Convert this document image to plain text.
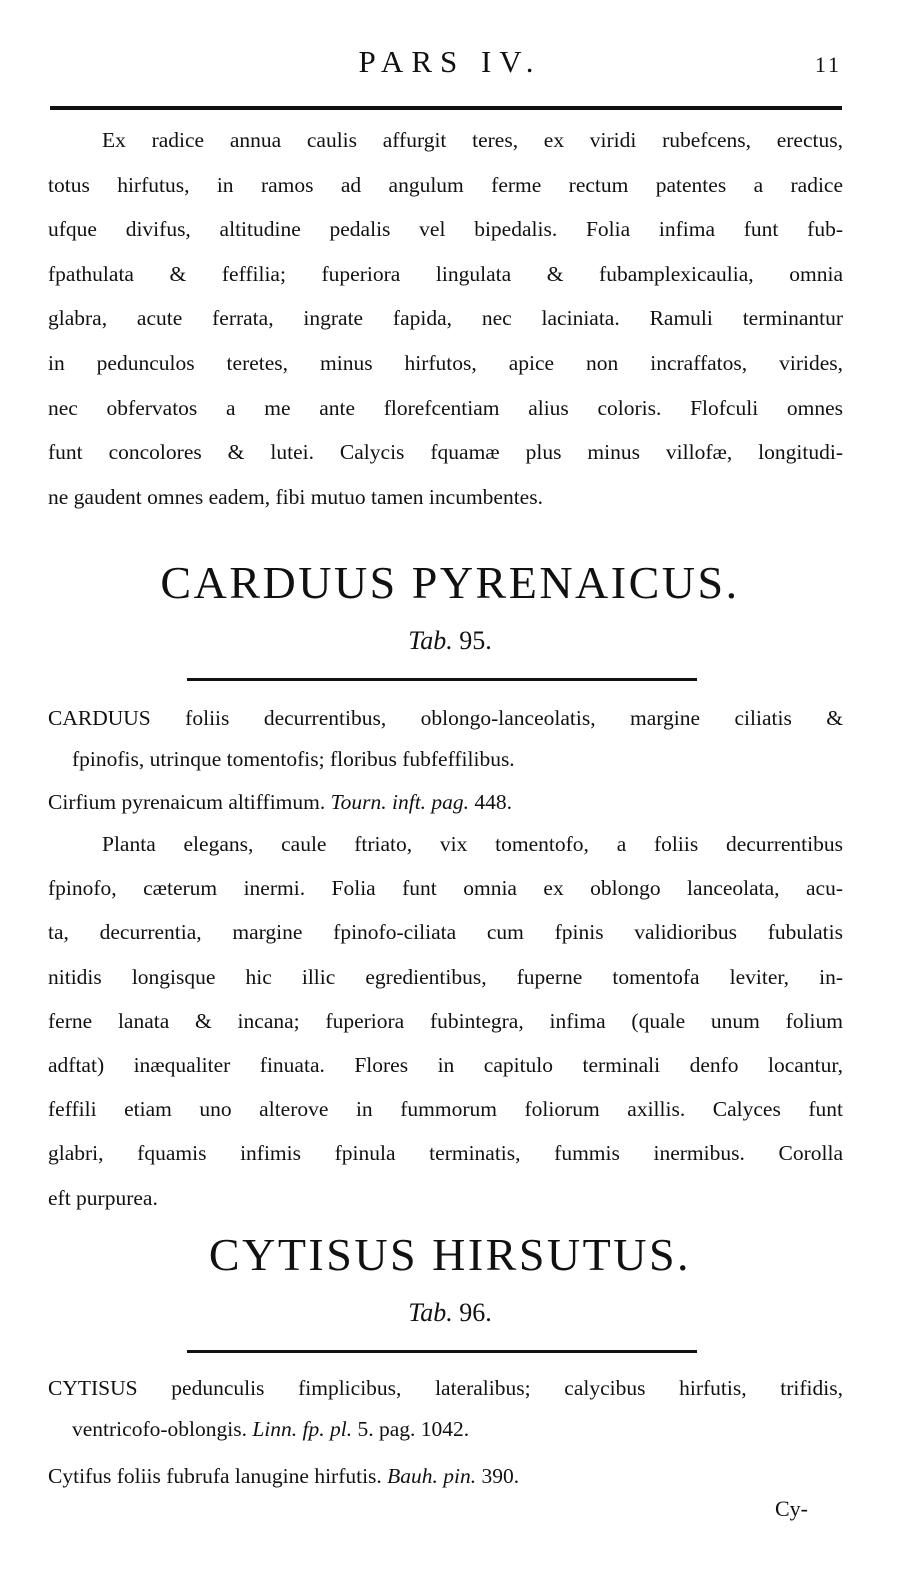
PARS IV.	11
Ex radice annua caulis affurgit teres, ex viridi rubefcens, erectus,
totus hirfutus, in ramos ad angulum ferme rectum patentes a radice
ufque divifus, altitudine pedalis vel bipedalis. Folia infima funt fub-
fpathulata & feffilia; fuperiora lingulata & fubamplexicaulia, omnia
glabra, acute ferrata, ingrate fapida, nec laciniata. Ramuli terminantur
in pedunculos teretes, minus hirfutos, apice non incraffatos, virides,
nec obfervatos a me ante florefcentiam alius coloris. Flofculi omnes
funt concolores & lutei. Calycis fquamæ plus minus villofæ, longitudi-
ne gaudent omnes eadem, fibi mutuo tamen incumbentes.
CARDUUS PYRENAICUS.
Tab. 95.
CARDUUS foliis decurrentibus, oblongo-lanceolatis, margine ciliatis &
fpinofis, utrinque tomentofis; floribus fubfeffilibus.
Cirfium pyrenaicum altiffimum. Tourn. inft. pag. 448.
Planta elegans, caule ftriato, vix tomentofo, a foliis decurrentibus
fpinofo, cæterum inermi. Folia funt omnia ex oblongo lanceolata, acu-
ta, decurrentia, margine fpinofo-ciliata cum fpinis validioribus fubulatis
nitidis longisque hic illic egredientibus, fuperne tomentofa leviter, in-
ferne lanata & incana; fuperiora fubintegra, infima (quale unum folium
adftat) inæqualiter finuata. Flores in capitulo terminali denfo locantur,
feffili etiam uno alterove in fummorum foliorum axillis. Calyces funt
glabri, fquamis infimis fpinula terminatis, fummis inermibus. Corolla
eft purpurea.
CYTISUS HIRSUTUS.
Tab. 96.
CYTISUS pedunculis fimplicibus, lateralibus; calycibus hirfutis, trifidis,
ventricofo-oblongis. Linn. fp. pl. 5. pag. 1042.
Cytifus foliis fubrufa lanugine hirfutis. Bauh. pin. 390.
Cy-
